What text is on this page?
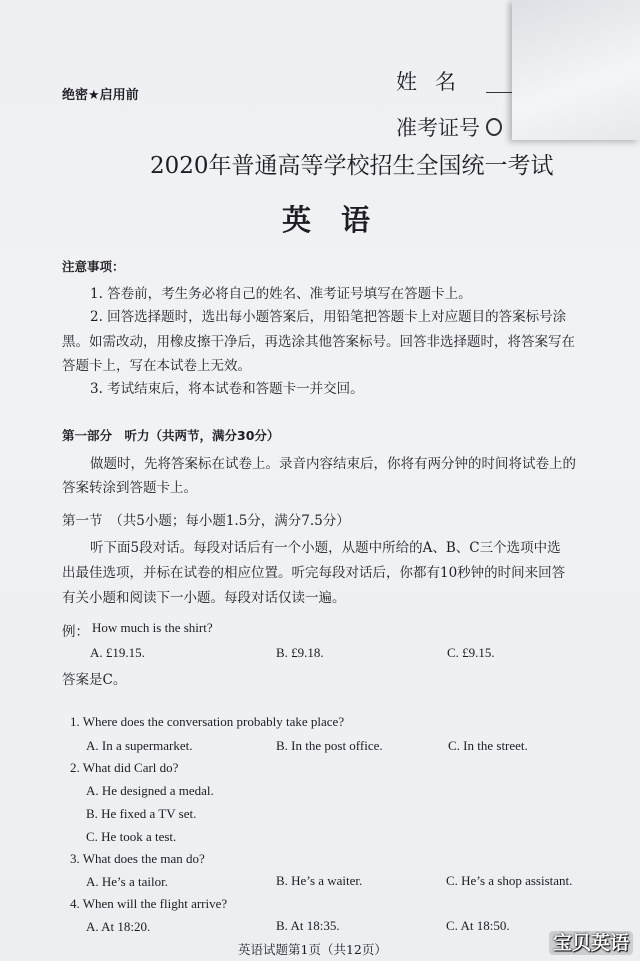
绝密★启用前
姓名
准考证号
2020年普通高等学校招生全国统一考试
英语
注意事项：
1. 答卷前，考生务必将自己的姓名、准考证号填写在答题卡上。
2. 回答选择题时，选出每小题答案后，用铅笔把答题卡上对应题目的答案标号涂
黑。如需改动，用橡皮擦干净后，再选涂其他答案标号。回答非选择题时，将答案写在
答题卡上，写在本试卷上无效。
3. 考试结束后，将本试卷和答题卡一并交回。
第一部分　听力（共两节，满分30分）
做题时，先将答案标在试卷上。录音内容结束后，你将有两分钟的时间将试卷上的
答案转涂到答题卡上。
第一节　（共5小题；每小题1.5分，满分7.5分）
听下面5段对话。每段对话后有一个小题，从题中所给的A、B、C三个选项中选
出最佳选项，并标在试卷的相应位置。听完每段对话后，你都有10秒钟的时间来回答
有关小题和阅读下一小题。每段对话仅读一遍。
例： How much is the shirt?
A. £19.15.	B. £9.18.	C. £9.15.
答案是C。
1. Where does the conversation probably take place?
A. In a supermarket.	B. In the post office.	C. In the street.
2. What did Carl do?
A. He designed a medal.
B. He fixed a TV set.
C. He took a test.
3. What does the man do?
A. He’s a tailor.	B. He’s a waiter.	C. He’s a shop assistant.
4. When will the flight arrive?
A. At 18:20.	B. At 18:35.	C. At 18:50.
英语试题第1页（共12页）	宝贝英语
